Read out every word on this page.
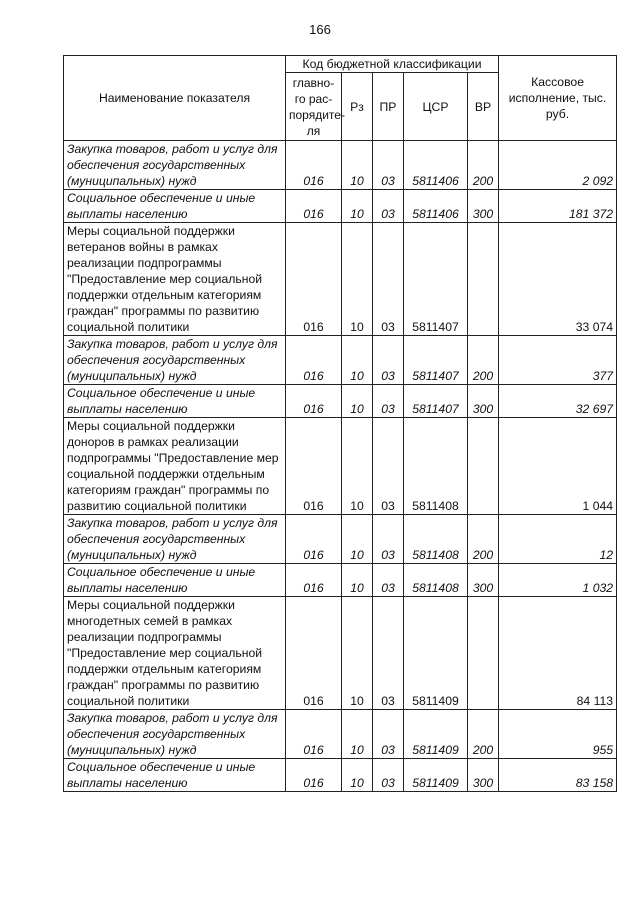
166
Наименование показателя	Код бюджетной классификации					Кассовое исполнение, тыс. руб.
	главно-го рас-порядите-ля	Рз	ПР	ЦСР	ВР	
Закупка товаров, работ и услуг для обеспечения государственных (муниципальных) нужд	016	10	03	5811406	200	2 092
Социальное обеспечение и иные выплаты населению	016	10	03	5811406	300	181 372
Меры социальной поддержки ветеранов войны в рамках реализации подпрограммы "Предоставление мер социальной поддержки отдельным категориям граждан" программы по развитию социальной политики	016	10	03	5811407		33 074
Закупка товаров, работ и услуг для обеспечения государственных (муниципальных) нужд	016	10	03	5811407	200	377
Социальное обеспечение и иные выплаты населению	016	10	03	5811407	300	32 697
Меры социальной поддержки доноров в рамках реализации подпрограммы "Предоставление мер социальной поддержки отдельным категориям граждан" программы по развитию социальной политики	016	10	03	5811408		1 044
Закупка товаров, работ и услуг для обеспечения государственных (муниципальных) нужд	016	10	03	5811408	200	12
Социальное обеспечение и иные выплаты населению	016	10	03	5811408	300	1 032
Меры социальной поддержки многодетных семей в рамках реализации подпрограммы "Предоставление мер социальной поддержки отдельным категориям граждан" программы по развитию социальной политики	016	10	03	5811409		84 113
Закупка товаров, работ и услуг для обеспечения государственных (муниципальных) нужд	016	10	03	5811409	200	955
Социальное обеспечение и иные выплаты населению	016	10	03	5811409	300	83 158
